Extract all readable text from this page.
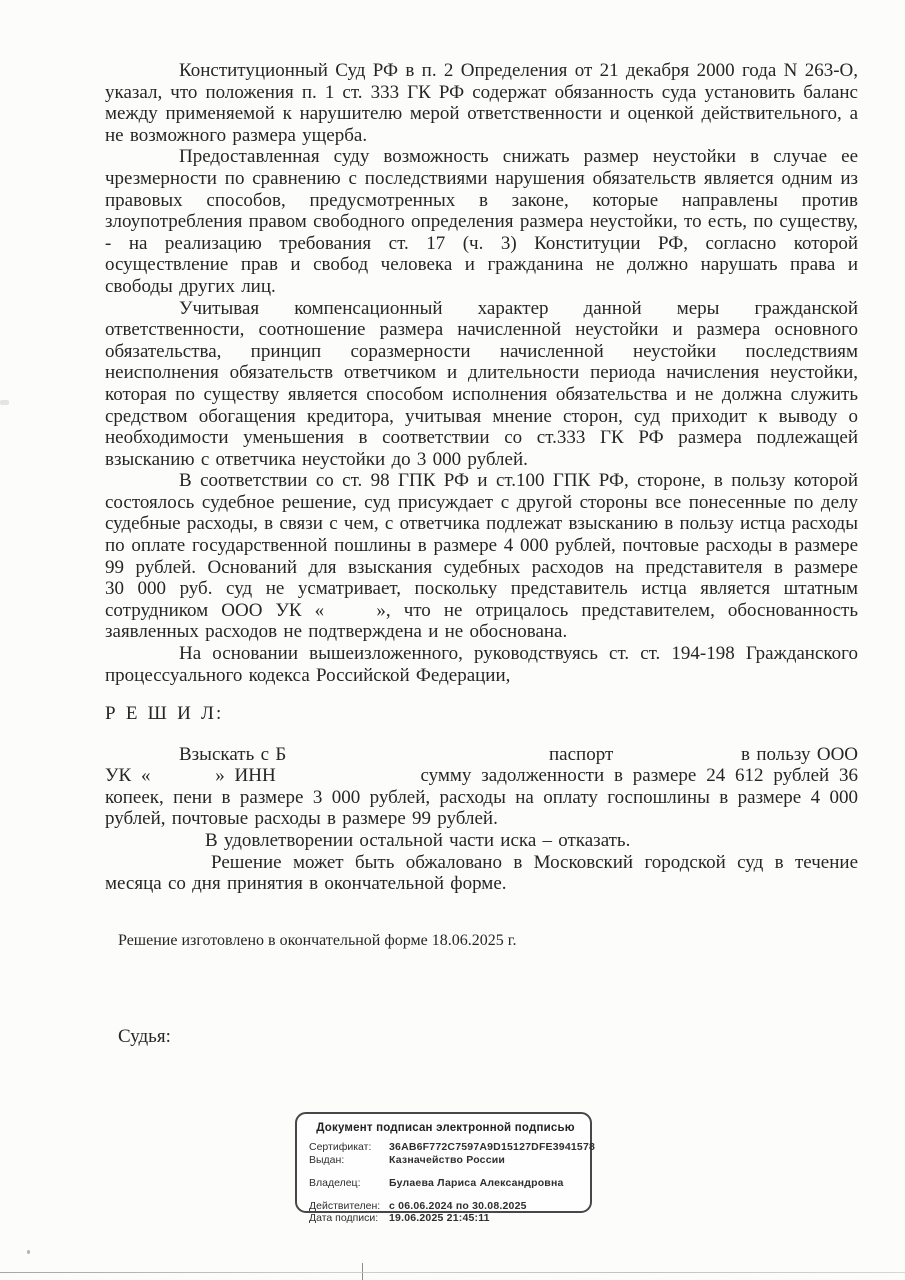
Конституционный Суд РФ в п. 2 Определения от 21 декабря 2000 года N 263-О, указал, что положения п. 1 ст. 333 ГК РФ содержат обязанность суда установить баланс между применяемой к нарушителю мерой ответственности и оценкой действительного, а не возможного размера ущерба.

Предоставленная суду возможность снижать размер неустойки в случае ее чрезмерности по сравнению с последствиями нарушения обязательств является одним из правовых способов, предусмотренных в законе, которые направлены против злоупотребления правом свободного определения размера неустойки, то есть, по существу, - на реализацию требования ст. 17 (ч. 3) Конституции РФ, согласно которой осуществление прав и свобод человека и гражданина не должно нарушать права и свободы других лиц.

Учитывая компенсационный характер данной меры гражданской ответственности, соотношение размера начисленной неустойки и размера основного обязательства, принцип соразмерности начисленной неустойки последствиям неисполнения обязательств ответчиком и длительности периода начисления неустойки, которая по существу является способом исполнения обязательства и не должна служить средством обогащения кредитора, учитывая мнение сторон, суд приходит к выводу о необходимости уменьшения в соответствии со ст.333 ГК РФ размера подлежащей взысканию с ответчика неустойки до 3 000 рублей.

В соответствии со ст. 98 ГПК РФ и ст.100 ГПК РФ, стороне, в пользу которой состоялось судебное решение, суд присуждает с другой стороны все понесенные по делу судебные расходы, в связи с чем, с ответчика подлежат взысканию в пользу истца расходы по оплате государственной пошлины в размере 4 000 рублей, почтовые расходы в размере 99 рублей. Оснований для взыскания судебных расходов на представителя в размере 30 000 руб. суд не усматривает, поскольку представитель истца является штатным сотрудником ООО УК «    », что не отрицалось представителем, обоснованность заявленных расходов не подтверждена и не обоснована.

На основании вышеизложенного, руководствуясь ст. ст. 194-198 Гражданского процессуального кодекса Российской Федерации,

Р Е Ш И Л:

Взыскать с Б	паспорт	в пользу ООО УК «	» ИНН	сумму задолженности в размере 24 612 рублей 36 копеек, пени в размере 3 000 рублей, расходы на оплату госпошлины в размере 4 000 рублей, почтовые расходы в размере 99 рублей.

В удовлетворении остальной части иска – отказать.

Решение может быть обжаловано в Московский городской суд в течение месяца со дня принятия в окончательной форме.

Решение изготовлено в окончательной форме 18.06.2025 г.

Судья:

Документ подписан электронной подписью

Сертификат:	36AB6F772C7597A9D15127DFE3941578
Выдан:	Казначейство России
Владелец:	Булаева Лариса Александровна
Действителен: с 06.06.2024 по 30.08.2025
Дата подписи:	19.06.2025 21:45:11
